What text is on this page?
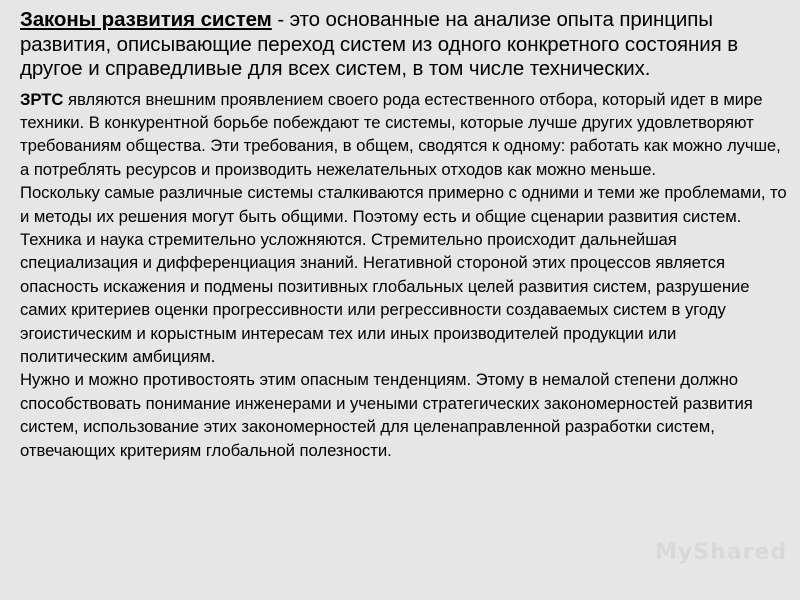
Законы развития систем - это основанные на анализе опыта принципы развития, описывающие переход систем из одного конкретного состояния в другое и справедливые для всех систем, в том числе технических.

ЗРТС являются внешним проявлением своего рода естественного отбора, который идет в мире техники. В конкурентной борьбе побеждают те системы, которые лучше других удовлетворяют требованиям общества. Эти требования, в общем, сводятся к одному: работать как можно лучше, а потреблять ресурсов и производить нежелательных отходов как можно меньше.

Поскольку самые различные системы сталкиваются примерно с одними и теми же проблемами, то и методы их решения могут быть общими. Поэтому есть и общие сценарии развития систем.

Техника и наука стремительно усложняются. Стремительно происходит дальнейшая специализация и дифференциация знаний. Негативной стороной этих процессов является опасность искажения и подмены позитивных глобальных целей развития систем, разрушение самих критериев оценки прогрессивности или регрессивности создаваемых систем в угоду эгоистическим и корыстным интересам тех или иных производителей продукции или политическим амбициям.

Нужно и можно противостоять этим опасным тенденциям. Этому в немалой степени должно способствовать понимание инженерами и учеными стратегических закономерностей развития систем, использование этих закономерностей для целенаправленной разработки систем, отвечающих критериям глобальной полезности.

MyShared
